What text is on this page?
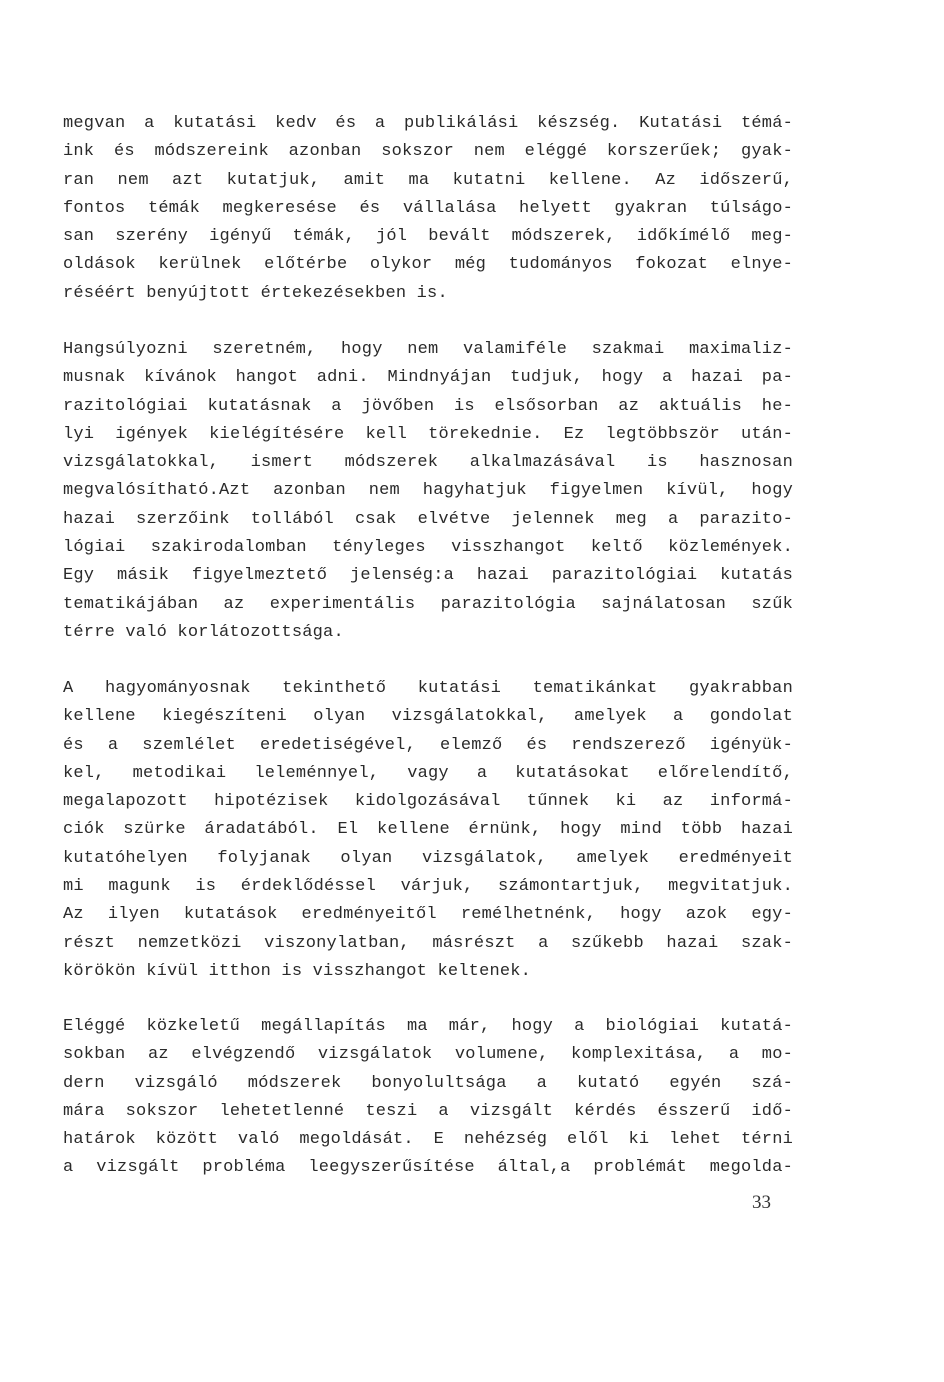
megvan a kutatási kedv és a publikálási készség. Kutatási témá-
ink és módszereink azonban sokszor nem eléggé korszerűek; gyak-
ran nem azt kutatjuk, amit ma kutatni kellene. Az időszerű,
fontos témák megkeresése és vállalása helyett gyakran túlságo-
san szerény igényű témák, jól bevált módszerek, időkímélő meg-
oldások kerülnek előtérbe olykor még tudományos fokozat elnye-
réséért benyújtott értekezésekben is.
Hangsúlyozni szeretném, hogy nem valamiféle szakmai maximaliz-
musnak kívánok hangot adni. Mindnyájan tudjuk, hogy a hazai pa-
razitológiai kutatásnak a jövőben is elsősorban az aktuális he-
lyi igények kielégítésére kell törekednie. Ez legtöbbször után-
vizsgálatokkal, ismert módszerek alkalmazásával is hasznosan
megvalósítható.Azt azonban nem hagyhatjuk figyelmen kívül, hogy
hazai szerzőink tollából csak elvétve jelennek meg a parazito-
lógiai szakirodalomban tényleges visszhangot keltő közlemények.
Egy másik figyelmeztető jelenség:a hazai parazitológiai kutatás
tematikájában az experimentális parazitológia sajnálatosan szűk
térre való korlátozottsága.
A hagyományosnak tekinthető kutatási tematikánkat gyakrabban
kellene kiegészíteni olyan vizsgálatokkal, amelyek a gondolat
és a szemlélet eredetiségével, elemző és rendszerező igényük-
kel, metodikai leleménnyel, vagy a kutatásokat előrelendítő,
megalapozott hipotézisek kidolgozásával tűnnek ki az informá-
ciók szürke áradatából. El kellene érnünk, hogy mind több hazai
kutatóhelyen folyjanak olyan vizsgálatok, amelyek eredményeit
mi magunk is érdeklődéssel várjuk, számontartjuk, megvitatjuk.
Az ilyen kutatások eredményeitől remélhetnénk, hogy azok egy-
részt nemzetközi viszonylatban, másrészt a szűkebb hazai szak-
körökön kívül itthon is visszhangot keltenek.
Eléggé közkeletű megállapítás ma már, hogy a biológiai kutatá-
sokban az elvégzendő vizsgálatok volumene, komplexitása, a mo-
dern vizsgáló módszerek bonyolultsága a kutató egyén szá-
mára sokszor lehetetlenné teszi a vizsgált kérdés ésszerű idő-
határok között való megoldását. E nehézség elől ki lehet térni
a vizsgált probléma leegyszerűsítése által,a problémát megolda-
33
